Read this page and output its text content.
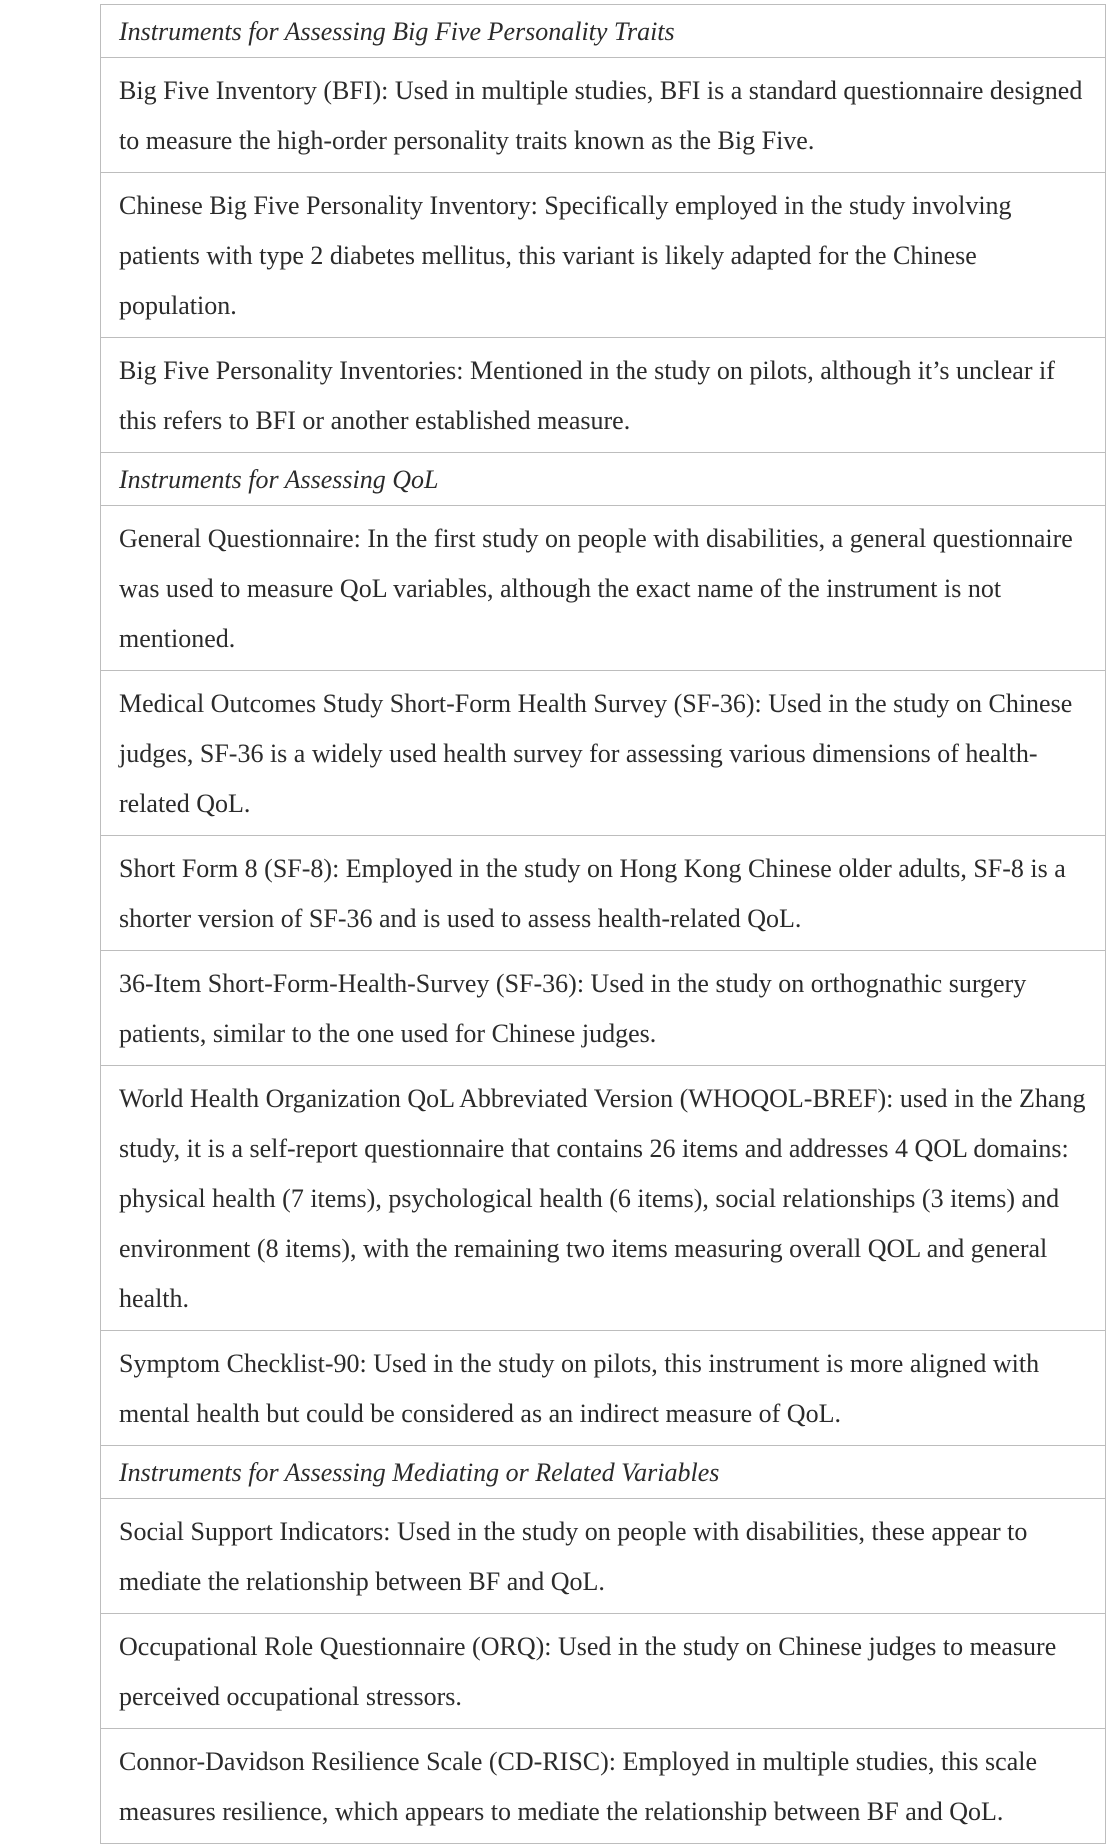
Instruments for Assessing Big Five Personality Traits
Big Five Inventory (BFI): Used in multiple studies, BFI is a standard questionnaire designed to measure the high-order personality traits known as the Big Five.
Chinese Big Five Personality Inventory: Specifically employed in the study involving patients with type 2 diabetes mellitus, this variant is likely adapted for the Chinese population.
Big Five Personality Inventories: Mentioned in the study on pilots, although it’s unclear if this refers to BFI or another established measure.
Instruments for Assessing QoL
General Questionnaire: In the first study on people with disabilities, a general questionnaire was used to measure QoL variables, although the exact name of the instrument is not mentioned.
Medical Outcomes Study Short-Form Health Survey (SF-36): Used in the study on Chinese judges, SF-36 is a widely used health survey for assessing various dimensions of health-related QoL.
Short Form 8 (SF-8): Employed in the study on Hong Kong Chinese older adults, SF-8 is a shorter version of SF-36 and is used to assess health-related QoL.
36-Item Short-Form-Health-Survey (SF-36): Used in the study on orthognathic surgery patients, similar to the one used for Chinese judges.
World Health Organization QoL Abbreviated Version (WHOQOL-BREF): used in the Zhang study, it is a self-report questionnaire that contains 26 items and addresses 4 QOL domains: physical health (7 items), psychological health (6 items), social relationships (3 items) and environment (8 items), with the remaining two items measuring overall QOL and general health.
Symptom Checklist-90: Used in the study on pilots, this instrument is more aligned with mental health but could be considered as an indirect measure of QoL.
Instruments for Assessing Mediating or Related Variables
Social Support Indicators: Used in the study on people with disabilities, these appear to mediate the relationship between BF and QoL.
Occupational Role Questionnaire (ORQ): Used in the study on Chinese judges to measure perceived occupational stressors.
Connor-Davidson Resilience Scale (CD-RISC): Employed in multiple studies, this scale measures resilience, which appears to mediate the relationship between BF and QoL.
